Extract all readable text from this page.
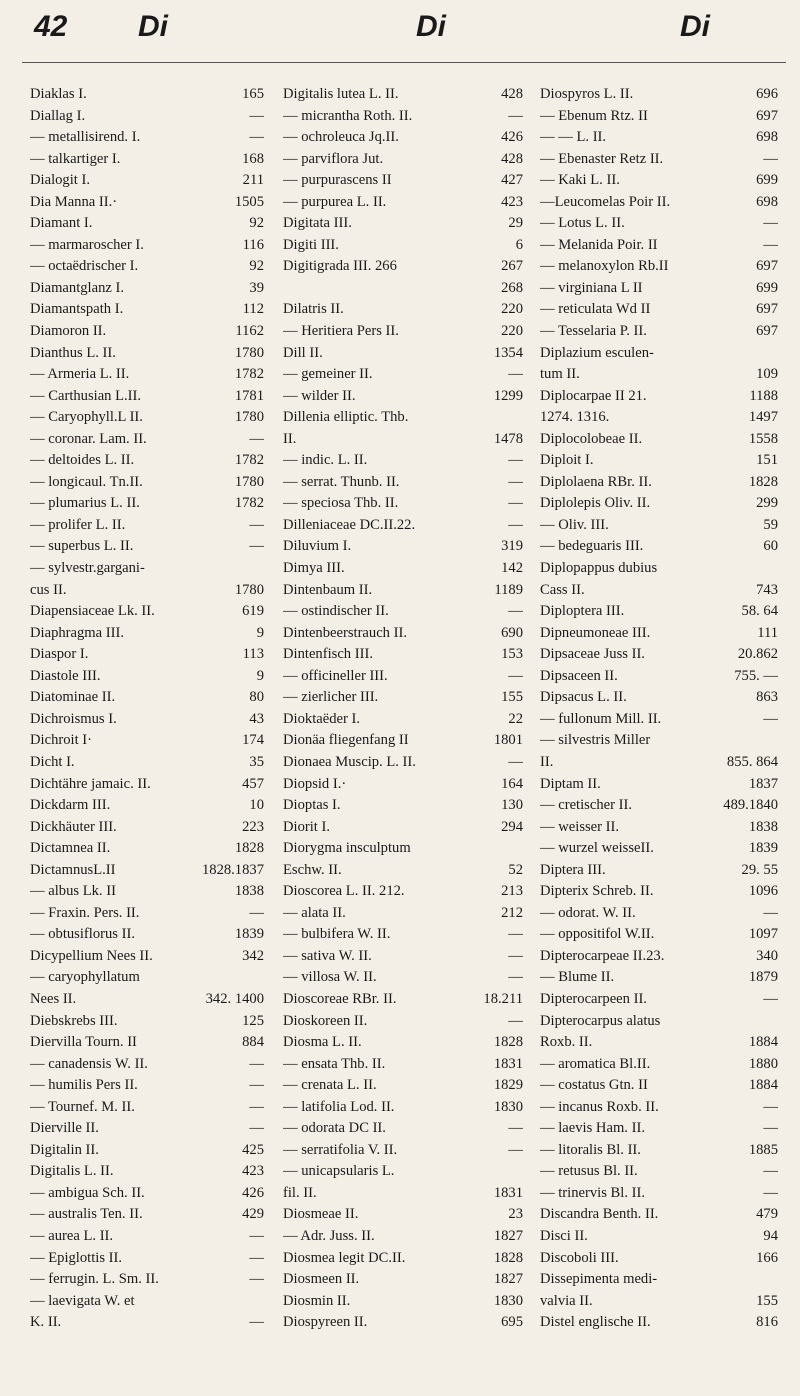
42 Di	Di	Di
Diaklas I.	165
Diallag I.	—
— metallisirend. I.	—
— talkartiger I.	168
Dialogit I.	211
Dia Manna II.·	1505
Diamant I.	92
— marmaroscher I.	116
— octaëdrischer I.	92
Diamantglanz I.	39
Diamantspath I.	112
Diamoron II.	1162
Dianthus L. II.	1780
— Armeria L. II.	1782
— Carthusian L.II.	1781
— Caryophyll.L II.	1780
— coronar. Lam. II.	—
— deltoides L. II.	1782
— longicaul. Tn.II.	1780
— plumarius L. II.	1782
— prolifer L. II.	—
— superbus L. II.	—
— sylvestr.gargani-
cus II.	1780
Diapensiaceae Lk. II.	619
Diaphragma III.	9
Diaspor I.	113
Diastole III.	9
Diatominae II.	80
Dichroismus I.	43
Dichroit I·	174
Dicht I.	35
Dichtähre jamaic. II.	457
Dickdarm III.	10
Dickhäuter III.	223
Dictamnea II.	1828
DictamnusL.II	1828.1837
— albus Lk. II	1838
— Fraxin. Pers. II.	—
— obtusiflorus II.	1839
Dicypellium Nees II.	342
— caryophyllatum
Nees II.	342. 1400
Diebskrebs III.	125
Diervilla Tourn. II	884
— canadensis W. II.	—
— humilis Pers II.	—
— Tournef. M. II.	—
Dierville II.	—
Digitalin II.	425
Digitalis L. II.	423
— ambigua Sch. II.	426
— australis Ten. II.	429
— aurea L. II.	—
— Epiglottis II.	—
— ferrugin. L. Sm. II.	—
— laevigata W. et
K. II.	—
Digitalis lutea L. II.	428
— micrantha Roth. II.	—
— ochroleuca Jq.II.	426
— parviflora Jut.	428
— purpurascens II	427
— purpurea L. II.	423
Digitata III.	29
Digiti III.	6
Digitigrada III. 266	267
268
Dilatris II.	220
— Heritiera Pers II.	220
Dill II.	1354
— gemeiner II.	—
— wilder II.	1299
Dillenia elliptic. Thb.
II.	1478
— indic. L. II.	—
— serrat. Thunb. II.	—
— speciosa Thb. II.	—
Dilleniaceae DC.II.22.	—
Diluvium I.	319
Dimya III.	142
Dintenbaum II.	1189
— ostindischer II.	—
Dintenbeerstrauch II.	690
Dintenfisch III.	153
— officineller III.	—
— zierlicher III.	155
Dioktaëder I.	22
Dionäa fliegenfang II	1801
Dionaea Muscip. L. II.	—
Diopsid I.·	164
Dioptas I.	130
Diorit I.	294
Diorygma insculptum
Eschw. II.	52
Dioscorea L. II. 212.	213
— alata II.	212
— bulbifera W. II.	—
— sativa W. II.	—
— villosa W. II.	—
Dioscoreae RBr. II.	18.211
Dioskoreen II.	—
Diosma L. II.	1828
— ensata Thb. II.	1831
— crenata L. II.	1829
— latifolia Lod. II.	1830
— odorata DC II.	—
— serratifolia V. II.	—
— unicapsularis L.
fil. II.	1831
Diosmeae II.	23
— Adr. Juss. II.	1827
Diosmea legit DC.II.	1828
Diosmeen II.	1827
Diosmin II.	1830
Diospyreen II.	695
Diospyros L. II.	696
— Ebenum Rtz. II	697
— — L. II.	698
— Ebenaster Retz II.	—
— Kaki L. II.	699
—Leucomelas Poir II.	698
— Lotus L. II.	—
— Melanida Poir. II	—
— melanoxylon Rb.II	697
— virginiana L II	699
— reticulata Wd II	697
— Tesselaria P. II.	697
Diplazium esculen-
tum II.	109
Diplocarpae II 21.	1188
1274. 1316.	1497
Diplocolobeae II.	1558
Diploit I.	151
Diplolaena RBr. II.	1828
Diplolepis Oliv. II.	299
— Oliv. III.	59
— bedeguaris III.	60
Diplopappus dubius
Cass II.	743
Diploptera III.	58. 64
Dipneumoneae III.	111
Dipsaceae Juss II.	20.862
Dipsaceen II.	755. —
Dipsacus L. II.	863
— fullonum Mill. II.	—
— silvestris Miller
II.	855. 864
Diptam II.	1837
— cretischer II.	489.1840
— weisser II.	1838
— wurzel weisseII.	1839
Diptera III.	29. 55
Dipterix Schreb. II.	1096
— odorat. W. II.	—
— oppositifol W.II.	1097
Dipterocarpeae II.23.	340
— Blume II.	1879
Dipterocarpeen II.	—
Dipterocarpus alatus
Roxb. II.	1884
— aromatica Bl.II.	1880
— costatus Gtn. II	1884
— incanus Roxb. II.	—
— laevis Ham. II.	—
— litoralis Bl. II.	1885
— retusus Bl. II.	—
— trinervis Bl. II.	—
Discandra Benth. II.	479
Disci II.	94
Discoboli III.	166
Dissepimenta medi-
valvia II.	155
Distel englische II.	816
